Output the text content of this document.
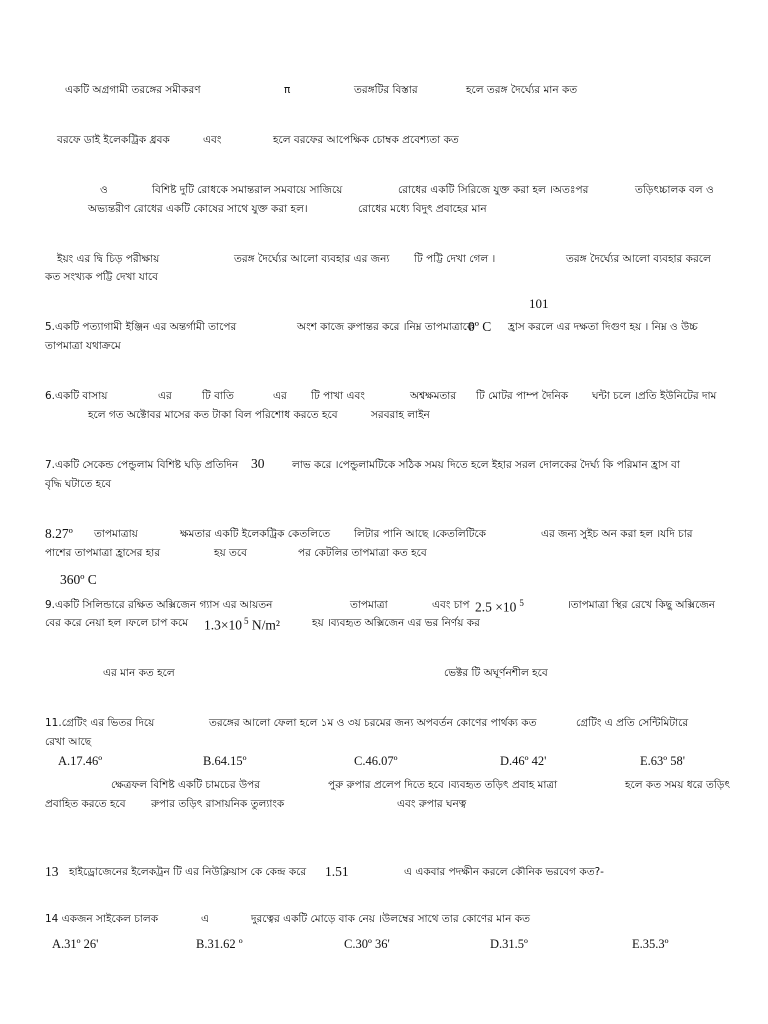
একটি অগ্রগামী তরঙ্গের সমীকরণ	π	তরঙ্গটির বিস্তার	হলে তরঙ্গ দৈর্ঘ্যের মান কত
বরফে ডাই ইলেকট্রিক ধ্রবক	এবং	হলে বরফের আপেক্ষিক চোম্বক প্রবেশ্যতা কত
ও	বিশিষ্ট দুটি রোধকে সমান্তরাল সমবায়ে সাজিয়ে	রোধের একটি সিরিজে যুক্ত করা হল ।অতঃপর	তড়িৎচ্চালক বল ও
অভ্যন্তরীণ রোধের একটি কোষের সাথে যুক্ত করা হল।	রোধের মধ্যে বিদুৎ প্রবাহের মান
ইয়ং এর দ্বি চিড় পরীক্ষায়	তরঙ্গ দৈর্ঘ্যের আলো ব্যবহার এর জন্য টি পট্টি দেখা গেল ।	তরঙ্গ দৈর্ঘ্যের আলো ব্যবহার করলে
কত সংখ্যক পট্টি দেখা যাবে
101
5.একটি পত্যাগামী ইঞ্জিন এর অন্তর্গামী তাপের	অংশ কাজে রুপান্তর করে ।নিম্ন তাপমাত্রাকে
0º C হ্রাস করলে এর দক্ষতা দিগুণ হয় । নিম্ন ও উচ্চ
তাপমাত্রা যথাক্রমে
6.একটি বাসায়	এর	টি বাতি	এর টি পাখা এবং	অশ্বক্ষমতার টি মোটর পাম্প দৈনিক ঘন্টা চলে ।প্রতি ইউনিটের দাম
হলে গত অক্টোবর মাসের কত টাকা বিল পরিশোধ করতে হবে	সরবরাহ লাইন
7.একটি সেকেন্ড পেন্ডুলাম বিশিষ্ট ঘড়ি প্রতিদিন 30	লাভ করে ।পেন্ডুলামটিকে সঠিক সময় দিতে হলে ইহার সরল দোলকের দৈর্ঘ্য কি পরিমান হ্রাস বা
বৃদ্ধি ঘটাতে হবে
8.27º তাপমাত্রায়	ক্ষমতার একটি ইলেকট্রিক কেতলিতে লিটার পানি আছে ।কেতলিটিকে	এর জন্য সুইচ অন করা হল ।যদি চার
পাশের তাপমাত্রা হ্রাসের হার	হয় তবে	পর কেটলির তাপমাত্রা কত হবে
360º C
9.একটি সিলিন্ডারে রক্ষিত অক্সিজেন গ্যাস এর আয়তন	তাপমাত্রা	এবং চাপ 2.5 ×10 $^5$	।তাপমাত্রা স্থির রেখে কিছু অক্সিজেন
বের করে নেয়া হল ।ফলে চাপ কমে 1.3×10 $^5$ N/m²	হয় ।ব্যবহৃত অক্সিজেন এর ভর নির্ণয় কর
এর মান কত হলে	ভেক্টর টি অঘূর্ণনশীল হবে
11.গ্রেটিং এর ভিতর দিয়ে	তরঙ্গের আলো ফেলা হলে ১ম ও ৩য় চরমের জন্য অপবর্তন কোণের পার্থক্য কত	গ্রেটিং এ প্রতি সেন্টিমিটারে
রেখা আছে
A.17.46º	B.64.15º	C.46.07º	D.46º 42'	E.63º 58'
ক্ষেত্রফল বিশিষ্ট একটি চামচের উপর	পুরু রুপার প্রলেপ দিতে হবে ।ব্যবহৃত তড়িৎ প্রবাহ মাত্রা	হলে কত সময় ধরে তড়িৎ
প্রবাহিত করতে হবে রুপার তড়িৎ রাসায়নিক তুল্যাংক	এবং রুপার ঘনত্ব
13 হাইড্রোজেনের ইলেকট্রন টি এর নিউক্লিয়াস কে কেন্দ্র করে 1.51	এ একবার পদক্ষীন করলে কৌনিক ভরবেগ কত?-
14 একজন সাইকেল চালক	এ	দুরত্বের একটি মোড়ে বাক নেয় ।উলম্বের সাথে তার কোণের মান কত
A.31º 26'	B.31.62 º	C.30º 36'	D.31.5º	E.35.3º
